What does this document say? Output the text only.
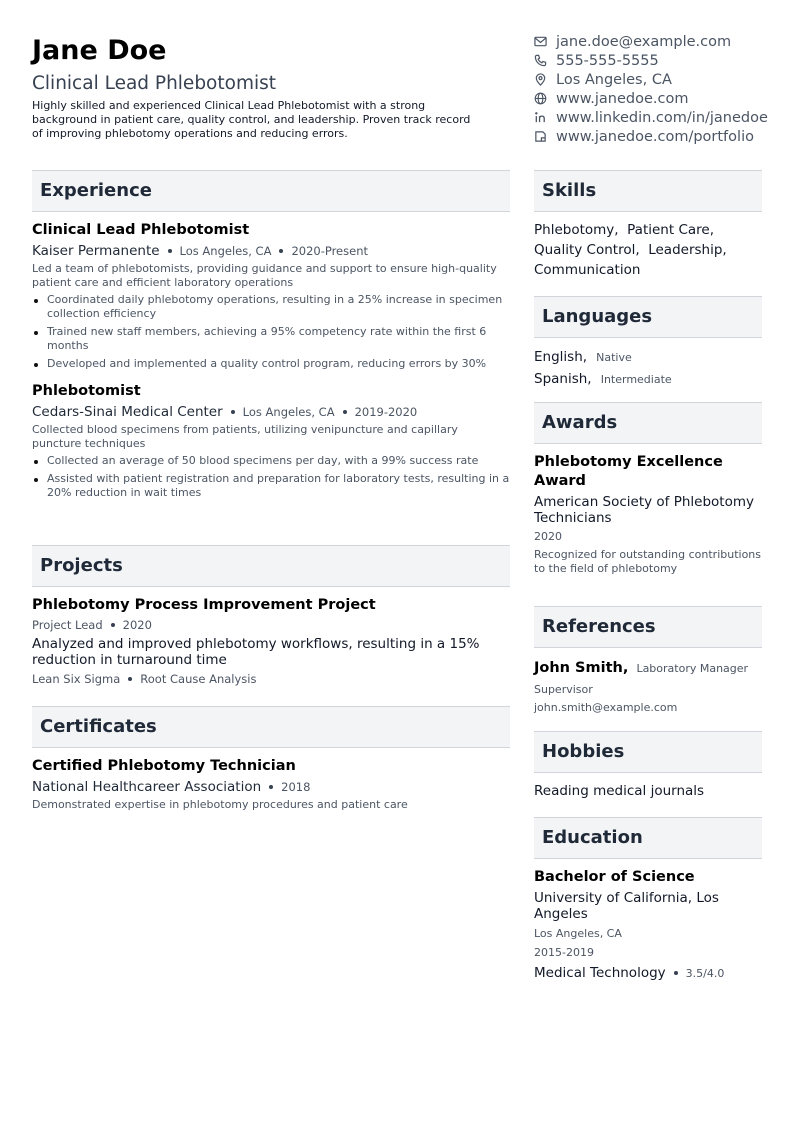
Jane Doe
Clinical Lead Phlebotomist
Highly skilled and experienced Clinical Lead Phlebotomist with a strong background in patient care, quality control, and leadership. Proven track record of improving phlebotomy operations and reducing errors.
jane.doe@example.com
555-555-5555
Los Angeles, CA
www.janedoe.com
www.linkedin.com/in/janedoe
www.janedoe.com/portfolio
Experience
Clinical Lead Phlebotomist
Kaiser Permanente Los Angeles, CA 2020-Present
Led a team of phlebotomists, providing guidance and support to ensure high-quality patient care and efficient laboratory operations
Coordinated daily phlebotomy operations, resulting in a 25% increase in specimen collection efficiency
Trained new staff members, achieving a 95% competency rate within the first 6 months
Developed and implemented a quality control program, reducing errors by 30%
Phlebotomist
Cedars-Sinai Medical Center Los Angeles, CA 2019-2020
Collected blood specimens from patients, utilizing venipuncture and capillary puncture techniques
Collected an average of 50 blood specimens per day, with a 99% success rate
Assisted with patient registration and preparation for laboratory tests, resulting in a 20% reduction in wait times
Projects
Phlebotomy Process Improvement Project
Project Lead 2020
Analyzed and improved phlebotomy workflows, resulting in a 15% reduction in turnaround time
Lean Six Sigma Root Cause Analysis
Certificates
Certified Phlebotomy Technician
National Healthcareer Association 2018
Demonstrated expertise in phlebotomy procedures and patient care
Skills
Phlebotomy,  Patient Care,
Quality Control,  Leadership,
Communication
Languages
English, Native
Spanish, Intermediate
Awards
Phlebotomy Excellence Award
American Society of Phlebotomy Technicians
2020
Recognized for outstanding contributions to the field of phlebotomy
References
John Smith, Laboratory Manager
Supervisor
john.smith@example.com
Hobbies
Reading medical journals
Education
Bachelor of Science
University of California, Los Angeles
Los Angeles, CA
2015-2019
Medical Technology 3.5/4.0
